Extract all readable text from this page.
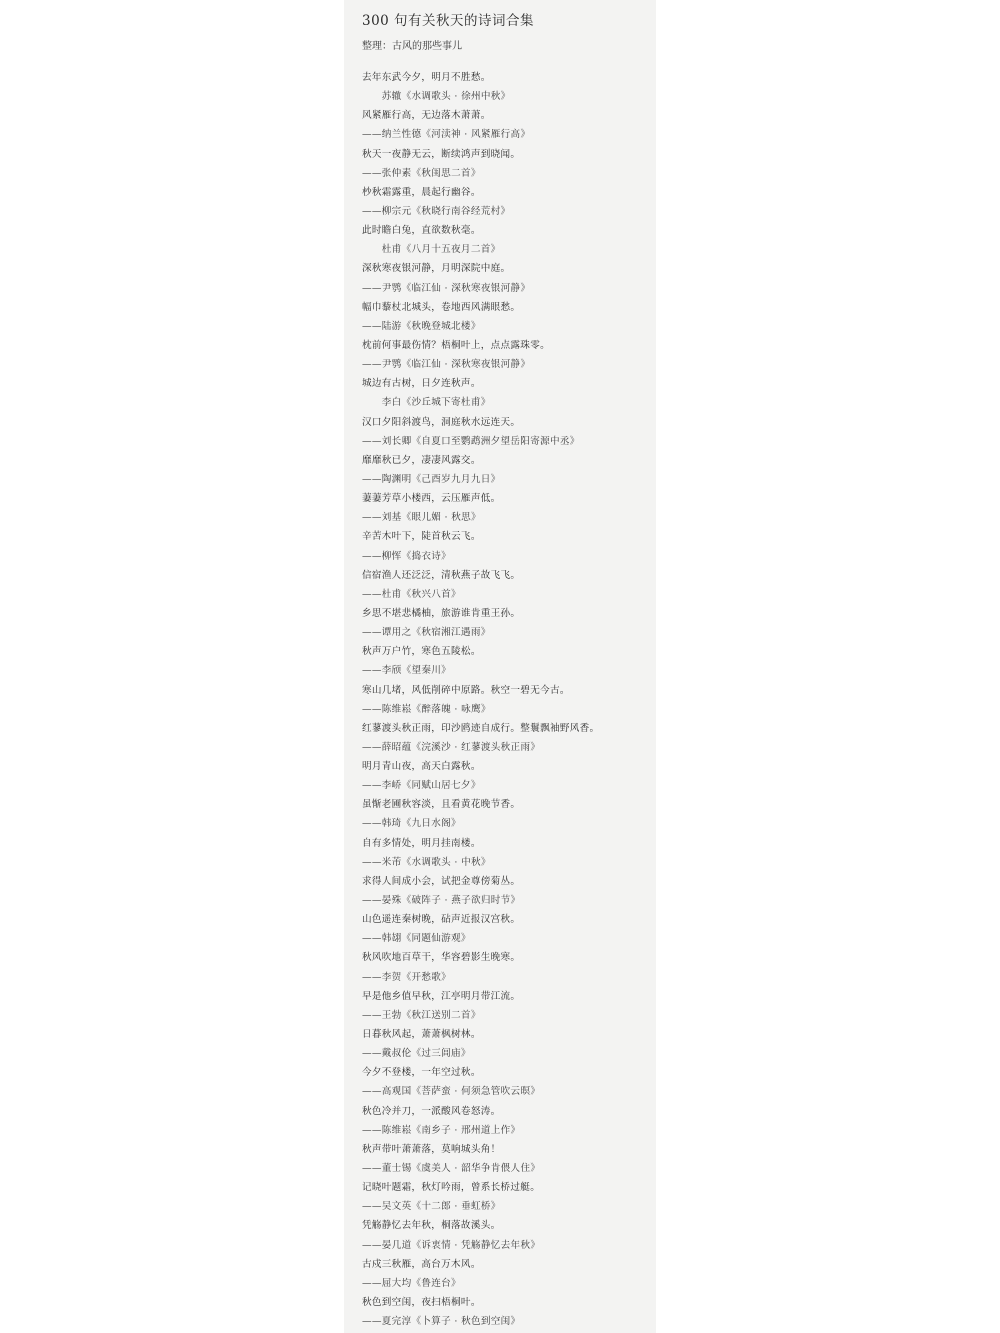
300 句有关秋天的诗词合集
整理：古风的那些事儿
去年东武今夕，明月不胜愁。
　　苏辙《水调歌头 · 徐州中秋》
风紧雁行高，无边落木萧萧。
——纳兰性德《河渎神 · 风紧雁行高》
秋天一夜静无云，断续鸿声到晓闻。
——张仲素《秋闺思二首》
杪秋霜露重，晨起行幽谷。
——柳宗元《秋晓行南谷经荒村》
此时瞻白兔，直欲数秋毫。
　　杜甫《八月十五夜月二首》
深秋寒夜银河静，月明深院中庭。
——尹鹗《临江仙 · 深秋寒夜银河静》
幅巾藜杖北城头，卷地西风满眼愁。
——陆游《秋晚登城北楼》
枕前何事最伤情？梧桐叶上，点点露珠零。
——尹鹗《临江仙 · 深秋寒夜银河静》
城边有古树，日夕连秋声。
　　李白《沙丘城下寄杜甫》
汉口夕阳斜渡鸟，洞庭秋水远连天。
——刘长卿《自夏口至鹦鹉洲夕望岳阳寄源中丞》
靡靡秋已夕，凄凄风露交。
——陶渊明《己酉岁九月九日》
萋萋芳草小楼西，云压雁声低。
——刘基《眼儿媚 · 秋思》
辛苦木叶下，陡首秋云飞。
——柳恽《捣衣诗》
信宿渔人还泛泛，清秋燕子故飞飞。
——杜甫《秋兴八首》
乡思不堪悲橘柚，旅游谁肯重王孙。
——谭用之《秋宿湘江遇雨》
秋声万户竹，寒色五陵松。
——李颀《望秦川》
寒山几堵，风低削碎中原路。秋空一碧无今古。
——陈维崧《醉落魄 · 咏鹰》
红蓼渡头秋正雨，印沙鸥迹自成行。整鬟飘袖野风香。
——薛昭蕴《浣溪沙 · 红蓼渡头秋正雨》
明月青山夜，高天白露秋。
——李峤《同赋山居七夕》
虽惭老圃秋容淡，且看黄花晚节香。
——韩琦《九日水阁》
自有多情处，明月挂南楼。
——米芾《水调歌头 · 中秋》
求得人间成小会，试把金尊傍菊丛。
——晏殊《破阵子 · 燕子欲归时节》
山色遥连秦树晚，砧声近报汉宫秋。
——韩翃《同题仙游观》
秋风吹地百草干，华容碧影生晚寒。
——李贺《开愁歌》
早是他乡值早秋，江亭明月带江流。
——王勃《秋江送别二首》
日暮秋风起，萧萧枫树林。
——戴叔伦《过三闾庙》
今夕不登楼，一年空过秋。
——高观国《菩萨蛮 · 何须急管吹云暝》
秋色冷并刀，一派酸风卷怒涛。
——陈维崧《南乡子 · 邢州道上作》
秋声带叶萧萧落，莫响城头角！
——董士锡《虞美人 · 韶华争肯偎人住》
记晓叶题霜，秋灯吟雨，曾系长桥过艇。
——吴文英《十二郎 · 垂虹桥》
凭觞静忆去年秋，桐落故溪头。
——晏几道《诉衷情 · 凭觞静忆去年秋》
古戍三秋雁，高台万木风。
——屈大均《鲁连台》
秋色到空闺，夜扫梧桐叶。
——夏完淳《卜算子 · 秋色到空闺》
